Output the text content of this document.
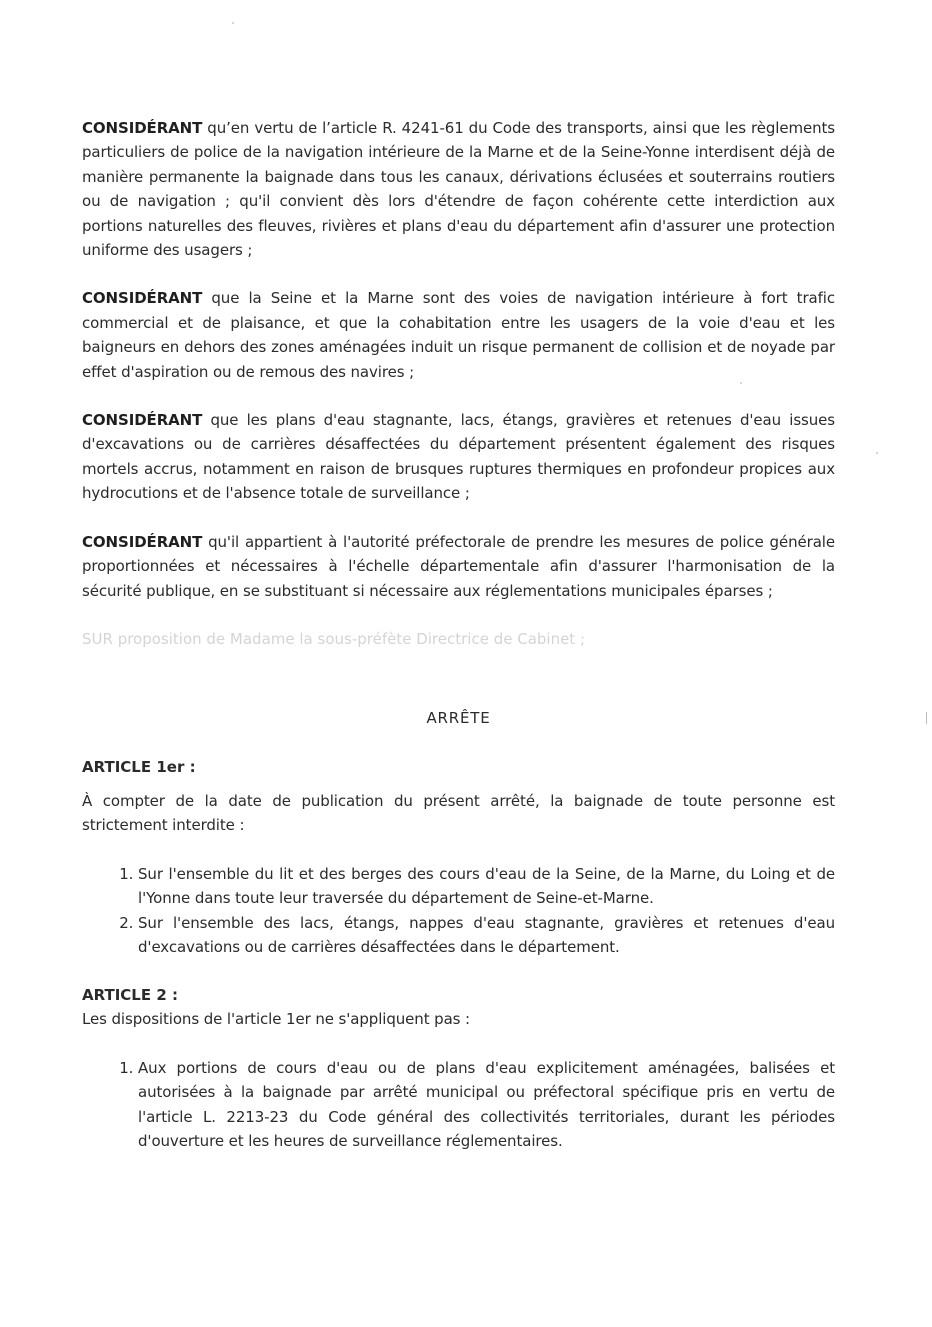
CONSIDÉRANT qu’en vertu de l’article R. 4241-61 du Code des transports, ainsi que les règlements particuliers de police de la navigation intérieure de la Marne et de la Seine-Yonne interdisent déjà de manière permanente la baignade dans tous les canaux, dérivations éclusées et souterrains routiers ou de navigation ; qu'il convient dès lors d'étendre de façon cohérente cette interdiction aux portions naturelles des fleuves, rivières et plans d'eau du département afin d'assurer une protection uniforme des usagers ;

CONSIDÉRANT que la Seine et la Marne sont des voies de navigation intérieure à fort trafic commercial et de plaisance, et que la cohabitation entre les usagers de la voie d'eau et les baigneurs en dehors des zones aménagées induit un risque permanent de collision et de noyade par effet d'aspiration ou de remous des navires ;

CONSIDÉRANT que les plans d'eau stagnante, lacs, étangs, gravières et retenues d'eau issues d'excavations ou de carrières désaffectées du département présentent également des risques mortels accrus, notamment en raison de brusques ruptures thermiques en profondeur propices aux hydrocutions et de l'absence totale de surveillance ;

CONSIDÉRANT qu'il appartient à l'autorité préfectorale de prendre les mesures de police générale proportionnées et nécessaires à l'échelle départementale afin d'assurer l'harmonisation de la sécurité publique, en se substituant si nécessaire aux réglementations municipales éparses ;

SUR proposition de Madame la sous-préfète Directrice de Cabinet ;

ARRÊTE

ARTICLE 1er :

À compter de la date de publication du présent arrêté, la baignade de toute personne est strictement interdite :

1. Sur l'ensemble du lit et des berges des cours d'eau de la Seine, de la Marne, du Loing et de l'Yonne dans toute leur traversée du département de Seine-et-Marne.
2. Sur l'ensemble des lacs, étangs, nappes d'eau stagnante, gravières et retenues d'eau d'excavations ou de carrières désaffectées dans le département.

ARTICLE 2 :

Les dispositions de l'article 1er ne s'appliquent pas :

1. Aux portions de cours d'eau ou de plans d'eau explicitement aménagées, balisées et autorisées à la baignade par arrêté municipal ou préfectoral spécifique pris en vertu de l'article L. 2213-23 du Code général des collectivités territoriales, durant les périodes d'ouverture et les heures de surveillance réglementaires.
